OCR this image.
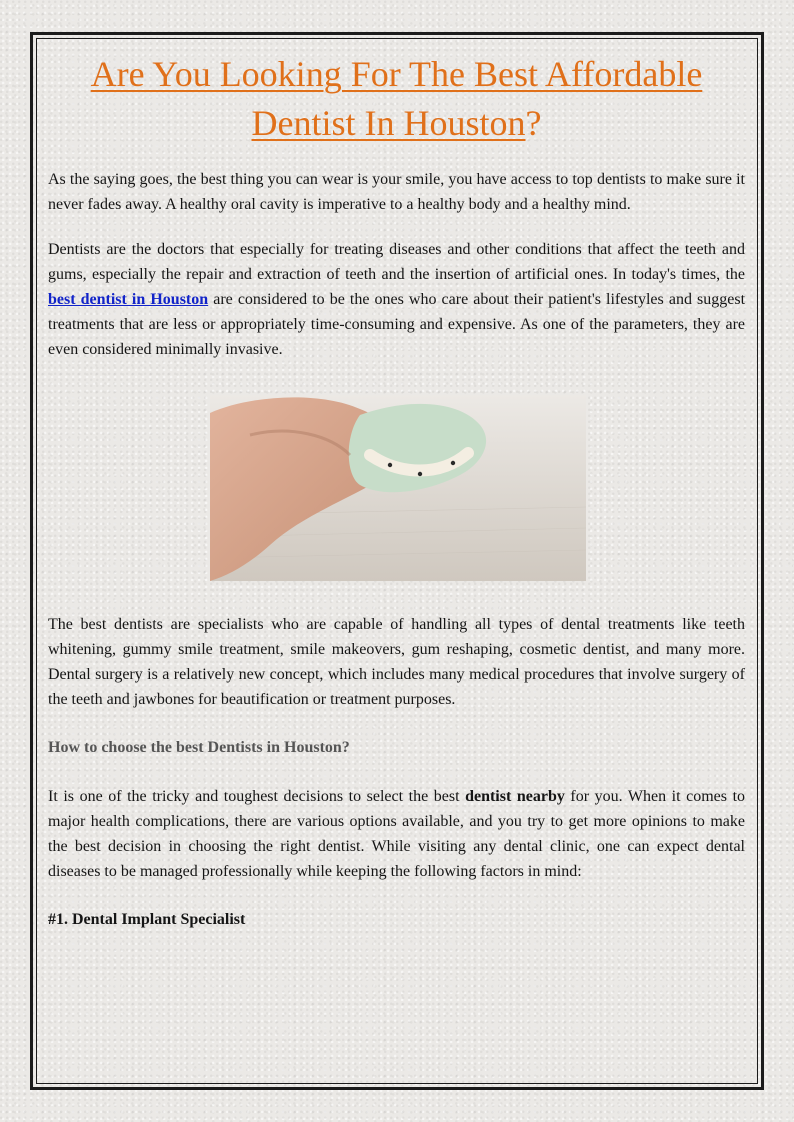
Are You Looking For The Best Affordable
Dentist In Houston?

As the saying goes, the best thing you can wear is your smile, you have access to top dentists to make sure it never fades away. A healthy oral cavity is imperative to a healthy body and a healthy mind.

Dentists are the doctors that especially for treating diseases and other conditions that affect the teeth and gums, especially the repair and extraction of teeth and the insertion of artificial ones. In today's times, the best dentist in Houston are considered to be the ones who care about their patient's lifestyles and suggest treatments that are less or appropriately time-consuming and expensive. As one of the parameters, they are even considered minimally invasive.

The best dentists are specialists who are capable of handling all types of dental treatments like teeth whitening, gummy smile treatment, smile makeovers, gum reshaping, cosmetic dentist, and many more. Dental surgery is a relatively new concept, which includes many medical procedures that involve surgery of the teeth and jawbones for beautification or treatment purposes.

How to choose the best Dentists in Houston?

It is one of the tricky and toughest decisions to select the best dentist nearby for you. When it comes to major health complications, there are various options available, and you try to get more opinions to make the best decision in choosing the right dentist. While visiting any dental clinic, one can expect dental diseases to be managed professionally while keeping the following factors in mind:

#1. Dental Implant Specialist
